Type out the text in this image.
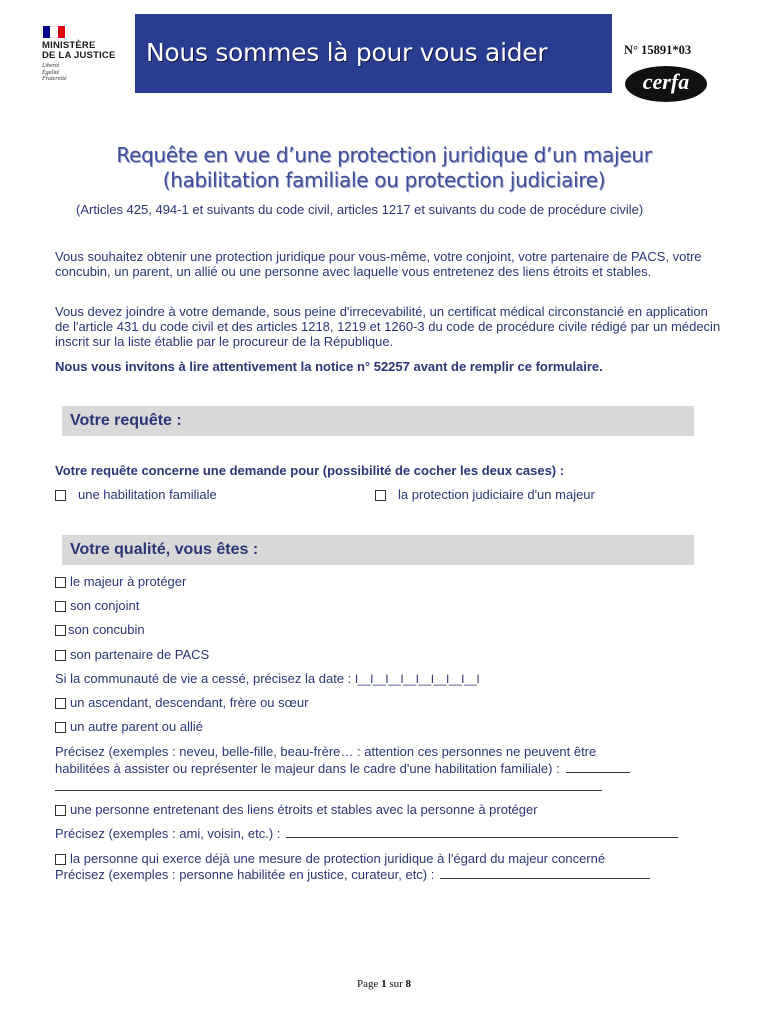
MINISTÈRE
DE LA JUSTICE
Liberté
Égalité
Fraternité
Nous sommes là pour vous aider	N° 15891*03
cerfa
Requête en vue d’une protection juridique d’un majeur
(habilitation familiale ou protection judiciaire)
(Articles 425, 494-1 et suivants du code civil, articles 1217 et suivants du code de procédure civile)
Vous souhaitez obtenir une protection juridique pour vous-même, votre conjoint, votre partenaire de PACS, votre concubin, un parent, un allié ou une personne avec laquelle vous entretenez des liens étroits et stables.
Vous devez joindre à votre demande, sous peine d'irrecevabilité, un certificat médical circonstancié en application de l'article 431 du code civil et des articles 1218, 1219 et 1260-3 du code de procédure civile rédigé par un médecin inscrit sur la liste établie par le procureur de la République.
Nous vous invitons à lire attentivement la notice n° 52257 avant de remplir ce formulaire.
Votre requête :
Votre requête concerne une demande pour (possibilité de cocher les deux cases) :
une habilitation familiale	la protection judiciaire d'un majeur
Votre qualité, vous êtes :
le majeur à protéger
son conjoint
son concubin
son partenaire de PACS
Si la communauté de vie a cessé, précisez la date : I__I__I__I__I__I__I__I__I
un ascendant, descendant, frère ou sœur
un autre parent ou allié
Précisez (exemples : neveu, belle-fille, beau-frère… : attention ces personnes ne peuvent être
habilitées à assister ou représenter le majeur dans le cadre d'une habilitation familiale) :
une personne entretenant des liens étroits et stables avec la personne à protéger
Précisez (exemples : ami, voisin, etc.) :
la personne qui exerce déjà une mesure de protection juridique à l'égard du majeur concerné
Précisez (exemples : personne habilitée en justice, curateur, etc) :
Page 1 sur 8
